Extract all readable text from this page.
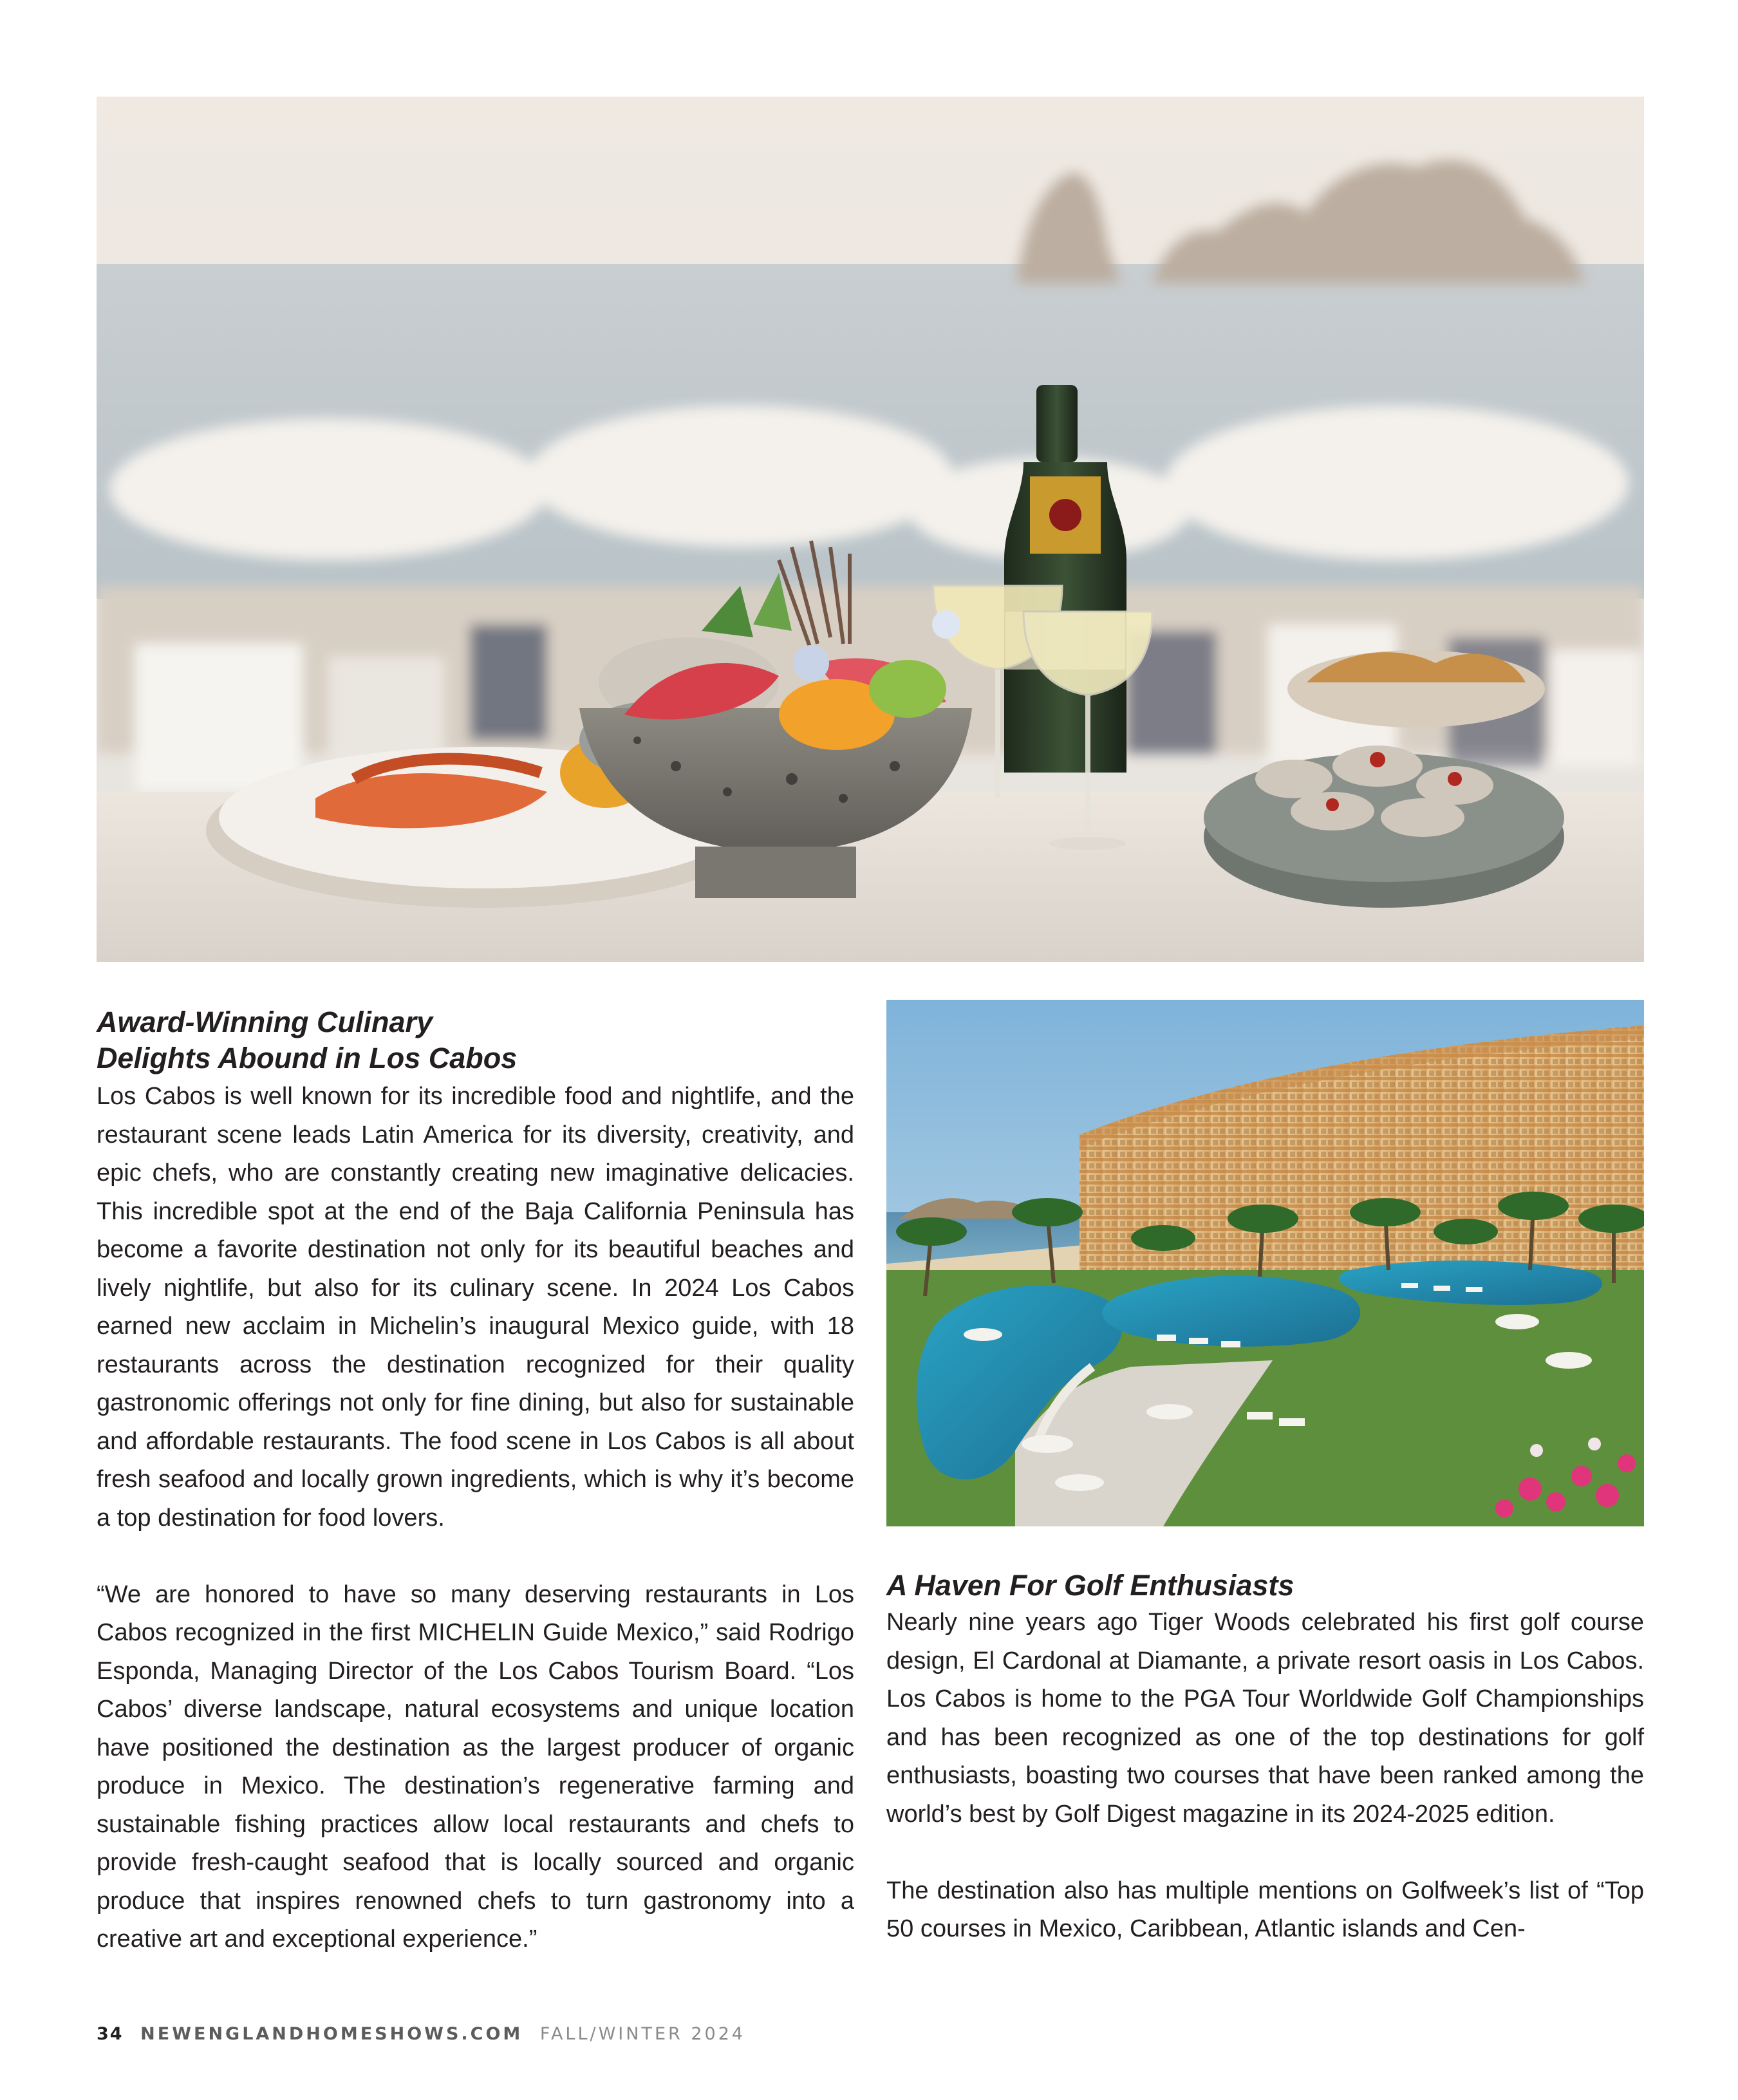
Award-Winning Culinary
Delights Abound in Los Cabos

Los Cabos is well known for its incredible food and nightlife, and the restaurant scene leads Latin America for its diversity, creativity, and epic chefs, who are constantly creating new imaginative delicacies. This incredible spot at the end of the Baja California Peninsula has become a favorite destination not only for its beautiful beaches and lively nightlife, but also for its culinary scene. In 2024 Los Cabos earned new acclaim in Michelin’s inaugural Mexico guide, with 18 restaurants across the destination recognized for their quality gastronomic offerings not only for fine dining, but also for sustainable and affordable restaurants. The food scene in Los Cabos is all about fresh seafood and locally grown ingredients, which is why it’s become a top destination for food lovers.

“We are honored to have so many deserving restaurants in Los Cabos recognized in the first MICHELIN Guide Mexico,” said Rodrigo Esponda, Managing Director of the Los Cabos Tourism Board. “Los Cabos’ diverse landscape, natural ecosystems and unique location have positioned the destination as the largest producer of organic produce in Mexico. The destination’s regenerative farming and sustainable fishing practices allow local restaurants and chefs to provide fresh-caught seafood that is locally sourced and organic produce that inspires renowned chefs to turn gastronomy into a creative art and exceptional experience.”

A Haven For Golf Enthusiasts

Nearly nine years ago Tiger Woods celebrated his first golf course design, El Cardonal at Diamante, a private resort oasis in Los Cabos. Los Cabos is home to the PGA Tour Worldwide Golf Championships and has been recognized as one of the top destinations for golf enthusiasts, boasting two courses that have been ranked among the world’s best by Golf Digest magazine in its 2024-2025 edition.

The destination also has multiple mentions on Golfweek’s list of “Top 50 courses in Mexico, Caribbean, Atlantic islands and Cen-

34 NEWENGLANDHOMESHOWS.COM FALL/WINTER 2024
